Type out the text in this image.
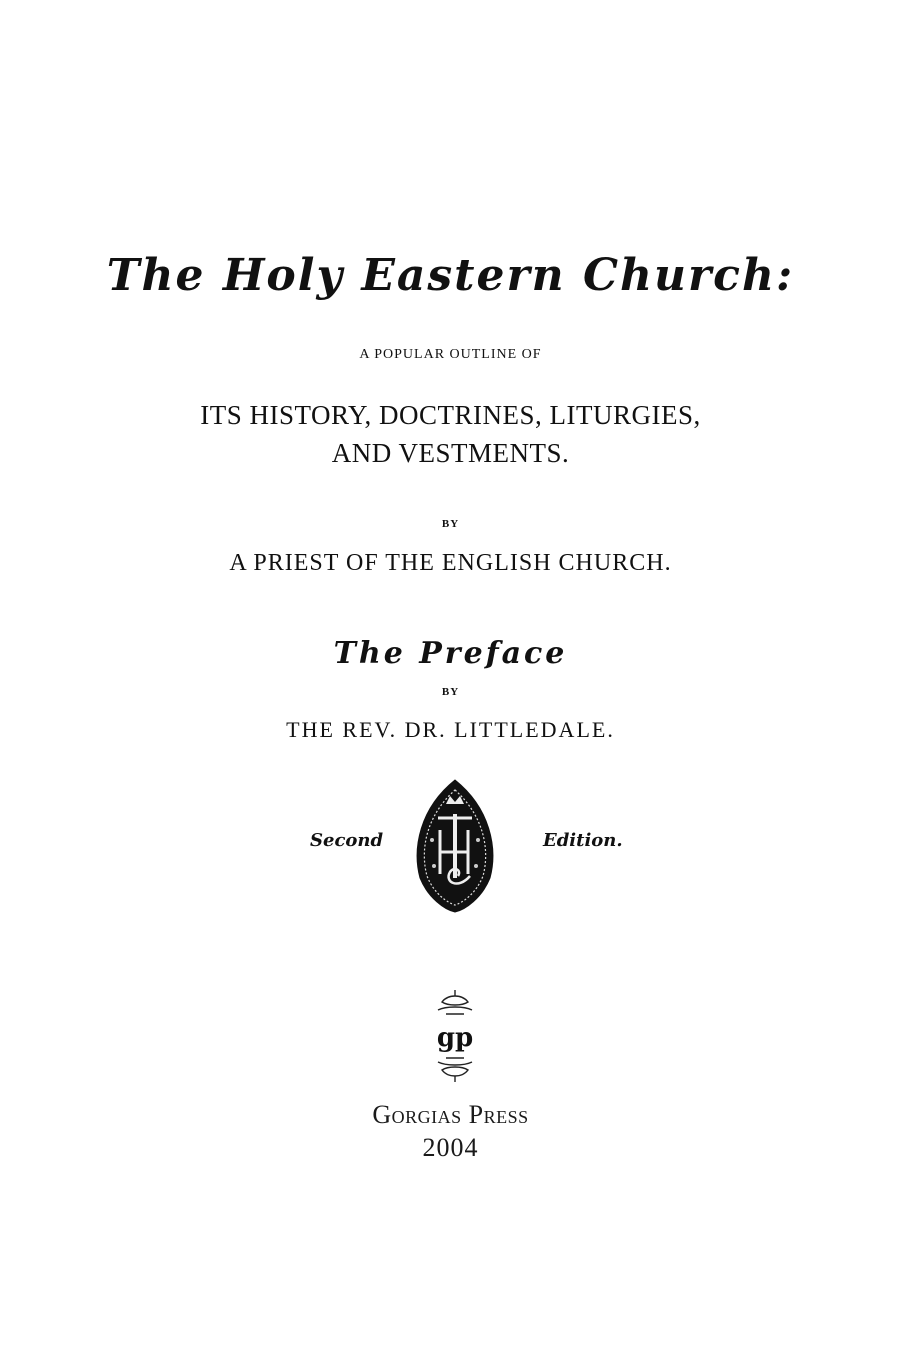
The Holy Eastern Church:
A POPULAR OUTLINE OF
ITS HISTORY, DOCTRINES, LITURGIES,
AND VESTMENTS.
BY
A PRIEST OF THE ENGLISH CHURCH.
The Preface
BY
THE REV. DR. LITTLEDALE.
Second	Edition.
gp
Gorgias Press
2004
